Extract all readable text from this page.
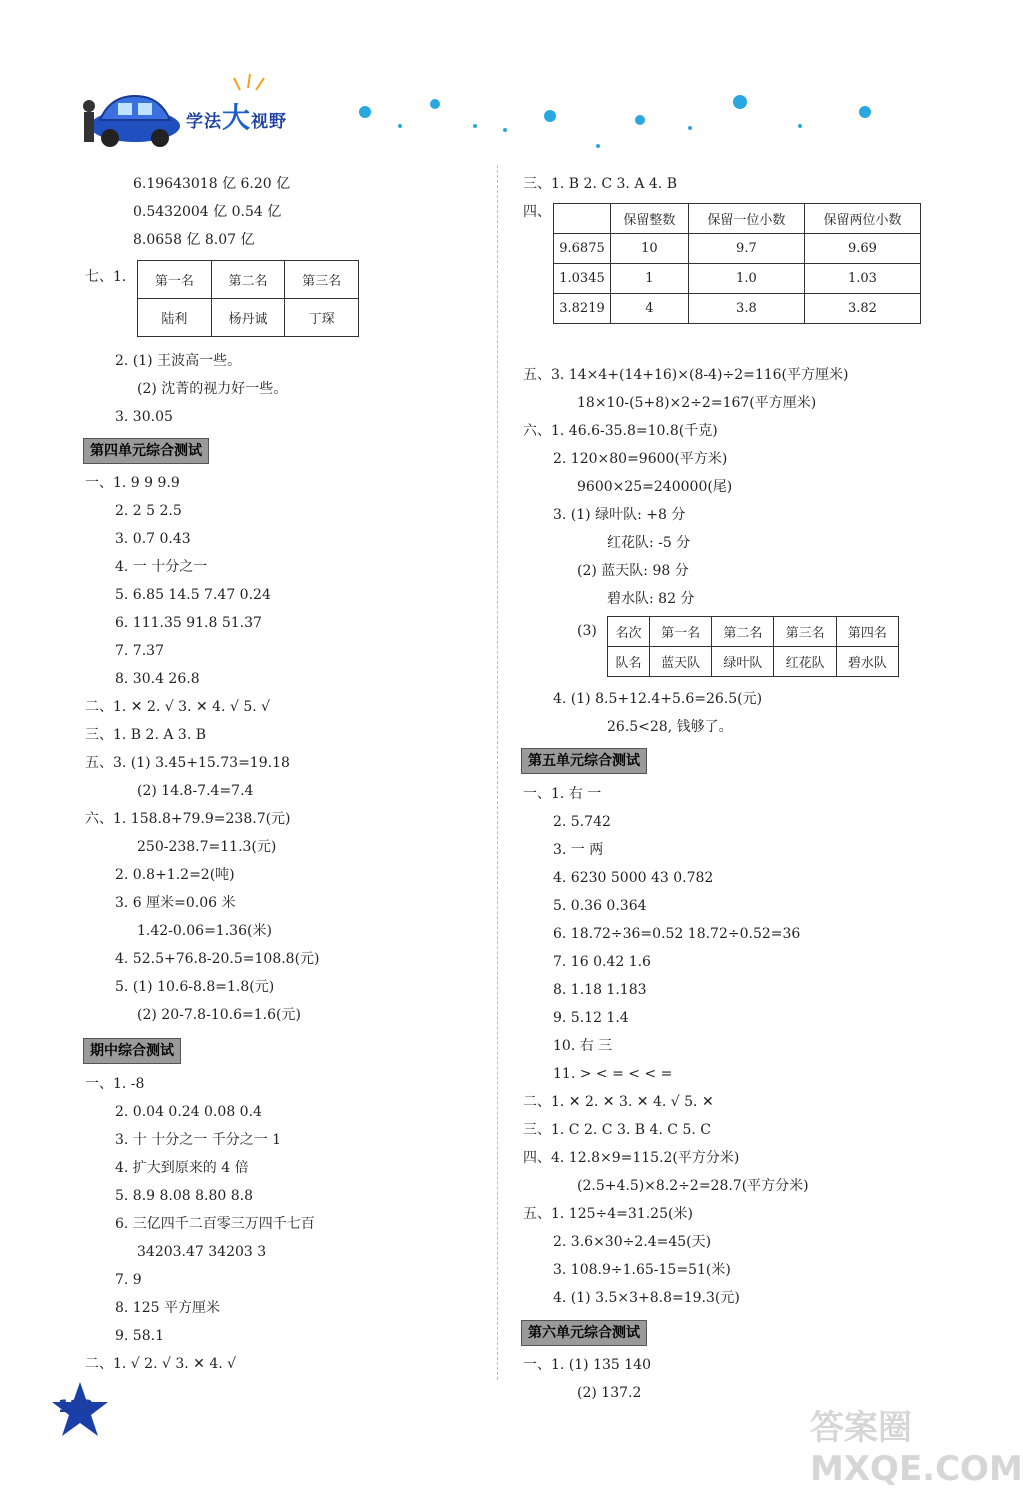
学法大视野
6.19643018 亿 6.20 亿
0.5432004 亿 0.54 亿
8.0658 亿 8.07 亿
七、1. 第一名	第二名	第三名
陆利	杨丹诚	丁琛
2. (1) 王波高一些。
(2) 沈菁的视力好一些。
3. 30.05
第四单元综合测试
一、1. 9 9 9.9
2. 2 5 2.5
3. 0.7 0.43
4. 一 十分之一
5. 6.85 14.5 7.47 0.24
6. 111.35 91.8 51.37
7. 7.37
8. 30.4 26.8
二、1. ✕ 2. √ 3. ✕ 4. √ 5. √
三、1. B 2. A 3. B
五、3. (1) 3.45+15.73=19.18
(2) 14.8-7.4=7.4
六、1. 158.8+79.9=238.7(元)
250-238.7=11.3(元)
2. 0.8+1.2=2(吨)
3. 6 厘米=0.06 米
1.42-0.06=1.36(米)
4. 52.5+76.8-20.5=108.8(元)
5. (1) 10.6-8.8=1.8(元)
(2) 20-7.8-10.6=1.6(元)
期中综合测试
一、1. -8
2. 0.04 0.24 0.08 0.4
3. 十 十分之一 千分之一 1
4. 扩大到原来的 4 倍
5. 8.9 8.08 8.80 8.8
6. 三亿四千二百零三万四千七百
34203.47 34203 3
7. 9
8. 125 平方厘米
9. 58.1
二、1. √ 2. √ 3. ✕ 4. √
三、1. B 2. C 3. A 4. B
四、
	保留整数	保留一位小数	保留两位小数
9.6875	10	9.7	9.69
1.0345	1	1.0	1.03
3.8219	4	3.8	3.82
五、3. 14×4+(14+16)×(8-4)÷2=116(平方厘米)
18×10-(5+8)×2÷2=167(平方厘米)
六、1. 46.6-35.8=10.8(千克)
2. 120×80=9600(平方米)
9600×25=240000(尾)
3. (1) 绿叶队: +8 分
红花队: -5 分
(2) 蓝天队: 98 分
碧水队: 82 分
(3) 名次	第一名	第二名	第三名	第四名
队名	蓝天队	绿叶队	红花队	碧水队
4. (1) 8.5+12.4+5.6=26.5(元)
26.5<28, 钱够了。
第五单元综合测试
一、1. 右 一
2. 5.742
3. 一 两
4. 6230 5000 43 0.782
5. 0.36 0.364
6. 18.72÷36=0.52 18.72÷0.52=36
7. 16 0.42 1.6
8. 1.18 1.183
9. 5.12 1.4
10. 右 三
11. > < = < < =
二、1. ✕ 2. ✕ 3. ✕ 4. √ 5. ✕
三、1. C 2. C 3. B 4. C 5. C
四、4. 12.8×9=115.2(平方分米)
(2.5+4.5)×8.2÷2=28.7(平方分米)
五、1. 125÷4=31.25(米)
2. 3.6×30÷2.4=45(天)
3. 108.9÷1.65-15=51(米)
4. (1) 3.5×3+8.8=19.3(元)
第六单元综合测试
一、1. (1) 135 140
(2) 137.2
122
答案圈 MXQE.COM
